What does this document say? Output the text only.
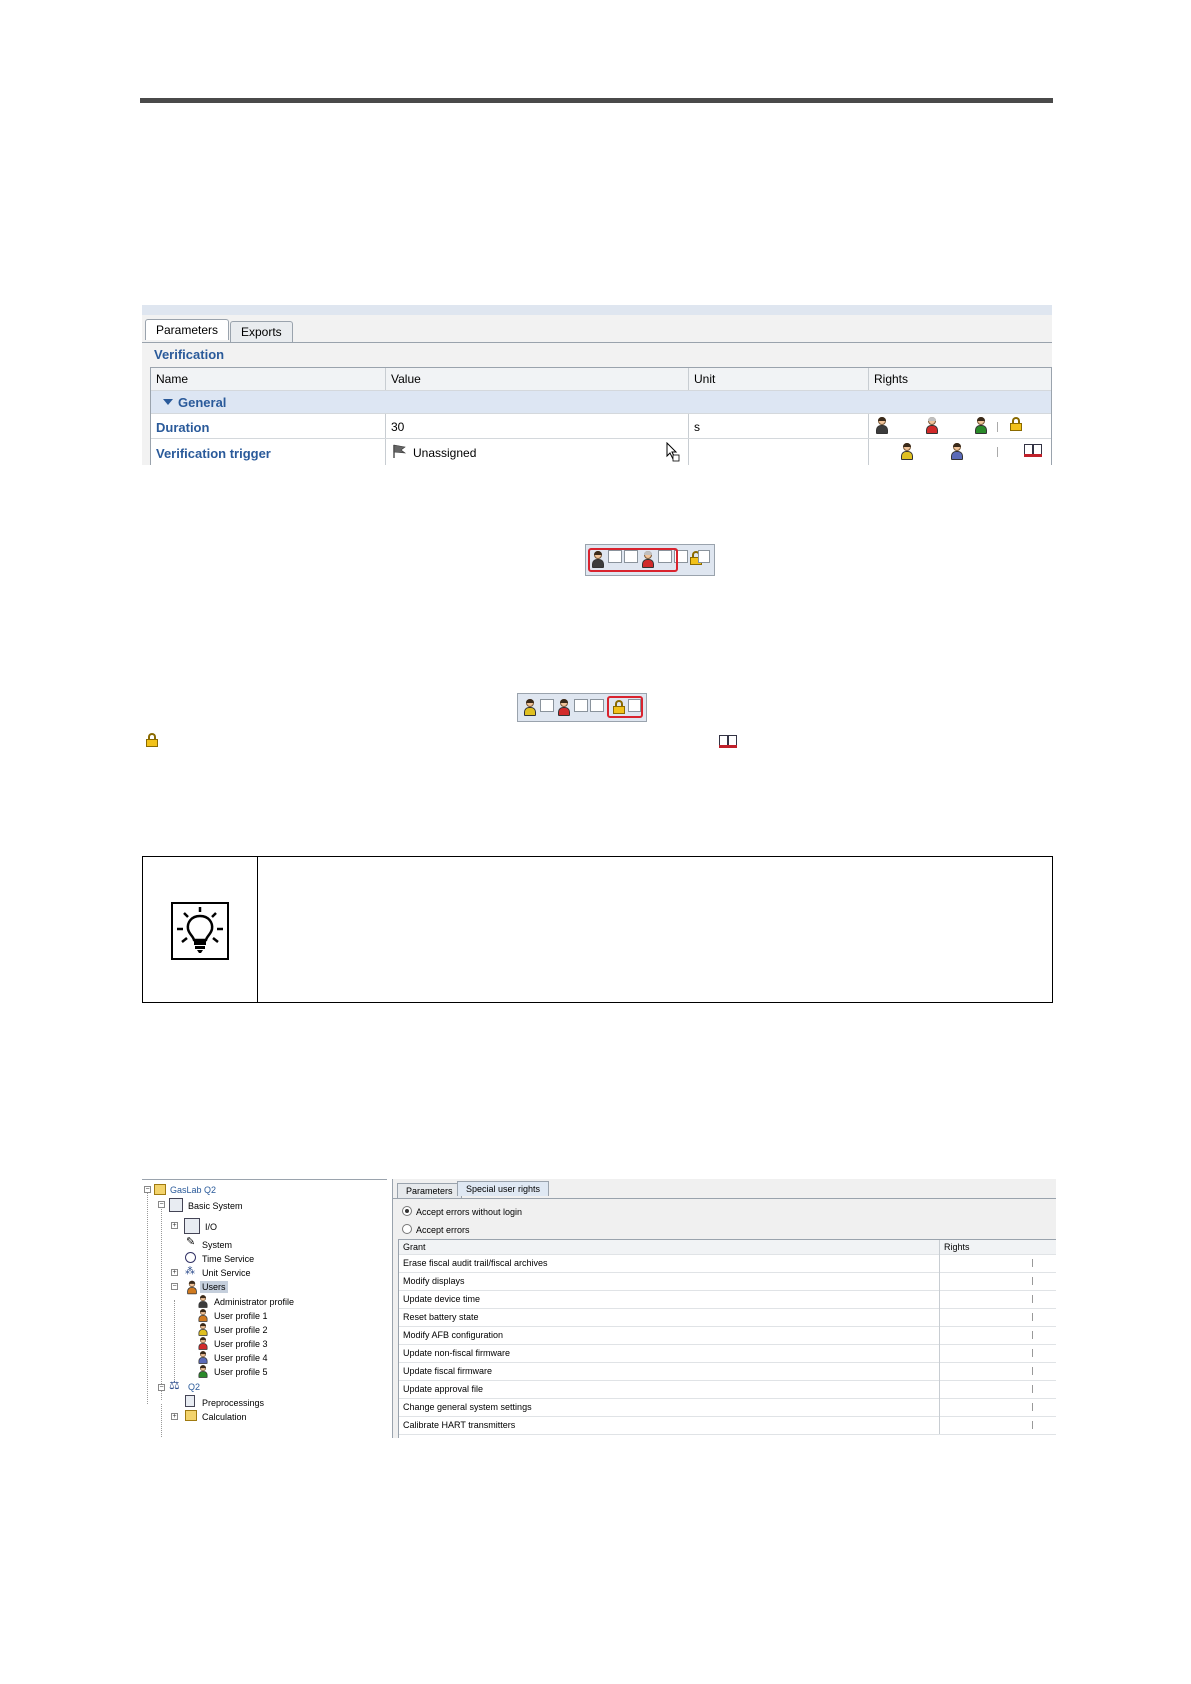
Parameters	Exports
Verification
Name	Value	Unit	Rights
General
Duration	30	s
Verification trigger	Unassigned
− GasLab Q2
−	Basic System
+	I/O
✎ System
Time Service
+ ⁂ Unit Service
−	Users
Administrator profile
User profile 1
User profile 2
User profile 3
User profile 4
User profile 5
− ⚖ Q2
Preprocessings
+	Calculation
Parameters	Special user rights
Accept errors without login
Accept errors
Grant	Rights
Erase fiscal audit trail/fiscal archives
Modify displays
Update device time
Reset battery state
Modify AFB configuration
Update non-fiscal firmware
Update fiscal firmware
Update approval file
Change general system settings
Calibrate HART transmitters
